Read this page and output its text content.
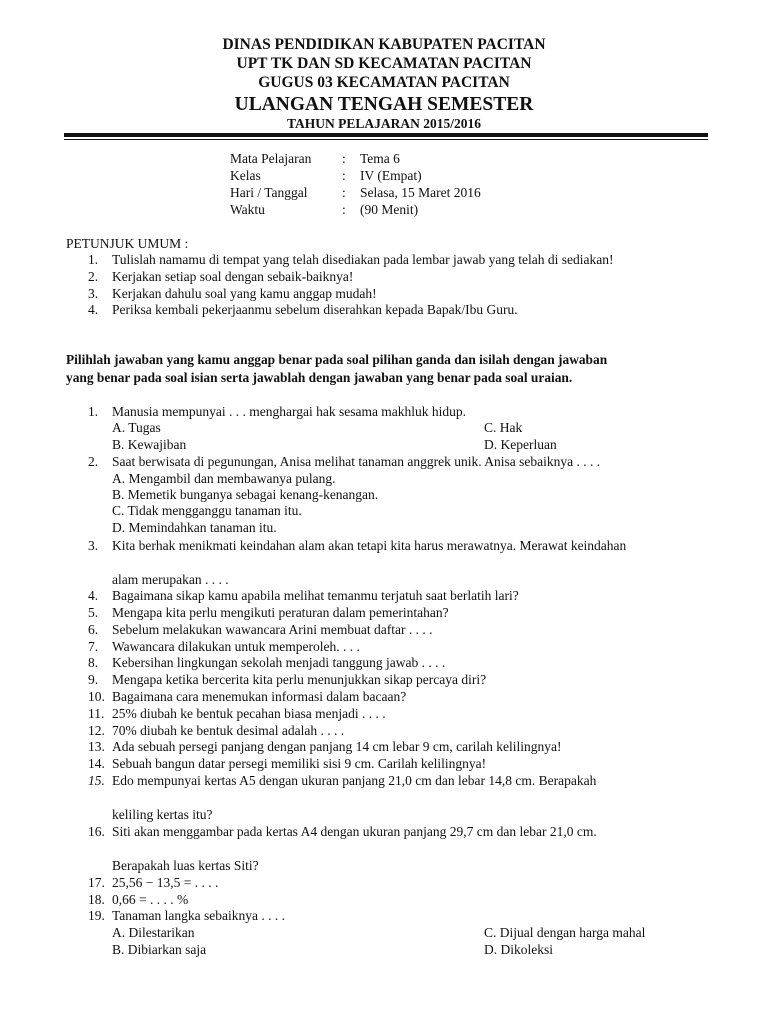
DINAS PENDIDIKAN KABUPATEN PACITAN
UPT TK DAN SD KECAMATAN PACITAN
GUGUS 03 KECAMATAN PACITAN
ULANGAN TENGAH SEMESTER
TAHUN PELAJARAN 2015/2016
Mata Pelajaran	:	Tema 6
Kelas	:	IV (Empat)
Hari / Tanggal	:	Selasa, 15 Maret 2016
Waktu	:	(90 Menit)
PETUNJUK UMUM :
1. Tulislah namamu di tempat yang telah disediakan pada lembar jawab yang telah di sediakan!
2. Kerjakan setiap soal dengan sebaik-baiknya!
3. Kerjakan dahulu soal yang kamu anggap mudah!
4. Periksa kembali pekerjaanmu sebelum diserahkan kepada Bapak/Ibu Guru.
Pilihlah jawaban yang kamu anggap benar pada soal pilihan ganda dan isilah dengan jawaban
yang benar pada soal isian serta jawablah dengan jawaban yang benar pada soal uraian.
1. Manusia mempunyai . . . menghargai hak sesama makhluk hidup.
A. Tugas	C. Hak
B. Kewajiban	D. Keperluan
2. Saat berwisata di pegunungan, Anisa melihat tanaman anggrek unik. Anisa sebaiknya . . . .
A. Mengambil dan membawanya pulang.
B. Memetik bunganya sebagai kenang-kenangan.
C. Tidak mengganggu tanaman itu.
D. Memindahkan tanaman itu.
3. Kita berhak menikmati keindahan alam akan tetapi kita harus merawatnya. Merawat keindahan
alam merupakan . . . .
4. Bagaimana sikap kamu apabila melihat temanmu terjatuh saat berlatih lari?
5. Mengapa kita perlu mengikuti peraturan dalam pemerintahan?
6. Sebelum melakukan wawancara Arini membuat daftar . . . .
7. Wawancara dilakukan untuk memperoleh. . . .
8. Kebersihan lingkungan sekolah menjadi tanggung jawab . . . .
9. Mengapa ketika bercerita kita perlu menunjukkan sikap percaya diri?
10. Bagaimana cara menemukan informasi dalam bacaan?
11. 25% diubah ke bentuk pecahan biasa menjadi . . . .
12. 70% diubah ke bentuk desimal adalah . . . .
13. Ada sebuah persegi panjang dengan panjang 14 cm lebar 9 cm, carilah kelilingnya!
14. Sebuah bangun datar persegi memiliki sisi 9 cm. Carilah kelilingnya!
15. Edo mempunyai kertas A5 dengan ukuran panjang 21,0 cm dan lebar 14,8 cm. Berapakah
keliling kertas itu?
16. Siti akan menggambar pada kertas A4 dengan ukuran panjang 29,7 cm dan lebar 21,0 cm.
Berapakah luas kertas Siti?
17. 25,56 − 13,5 = . . . .
18. 0,66 = . . . . %
19. Tanaman langka sebaiknya . . . .
A. Dilestarikan	C. Dijual dengan harga mahal
B. Dibiarkan saja	D. Dikoleksi
